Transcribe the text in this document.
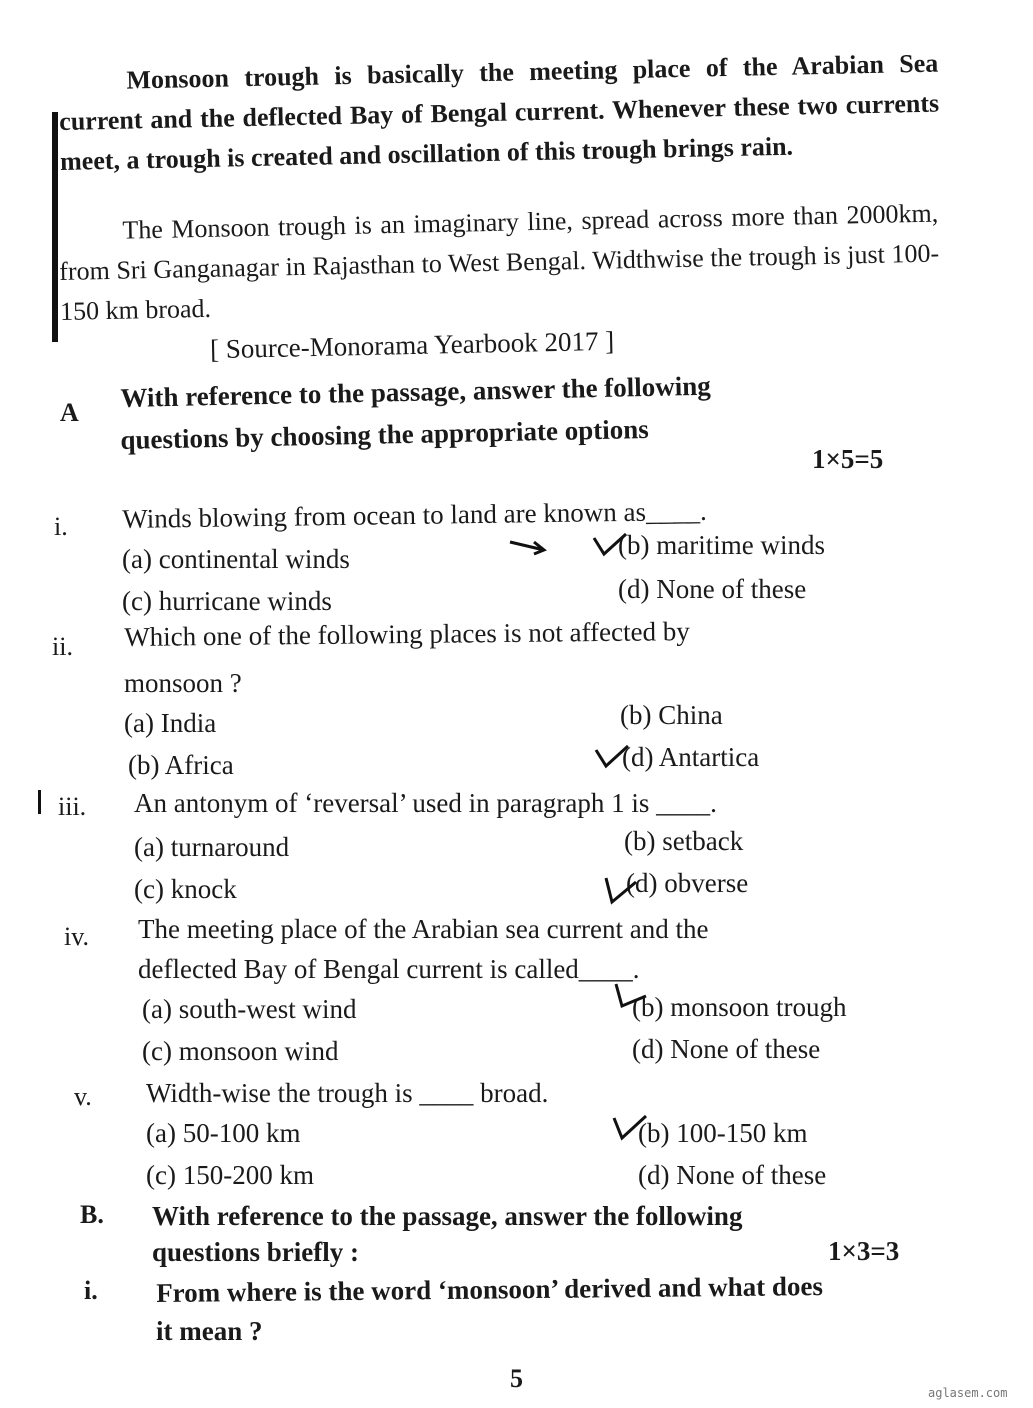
Monsoon trough is basically the meeting place of the Arabian Sea current and the deflected Bay of Bengal current. Whenever these two currents meet, a trough is created and oscillation of this trough brings rain.
The Monsoon trough is an imaginary line, spread across more than 2000km, from Sri Ganganagar in Rajasthan to West Bengal. Widthwise the trough is just 100-150 km broad.
[ Source-Monorama Yearbook 2017 ]
A With reference to the passage, answer the following
questions by choosing the appropriate options
1×5=5
i. Winds blowing from ocean to land are known as____.
(a) continental winds	(b) maritime winds
(c) hurricane winds	(d) None of these
ii. Which one of the following places is not affected by
monsoon ?
(a) India	(b) China
(b) Africa	(d) Antartica
iii. An antonym of ‘reversal’ used in paragraph 1 is ____.
(a) turnaround	(b) setback
(c) knock	(d) obverse
iv. The meeting place of the Arabian sea current and the
deflected Bay of Bengal current is called____.
(a) south-west wind	(b) monsoon trough
(c) monsoon wind	(d) None of these
v. Width-wise the trough is ____ broad.
(a) 50-100 km	(b) 100-150 km
(c) 150-200 km	(d) None of these
B. With reference to the passage, answer the following
questions briefly :	1×3=3
i. From where is the word ‘monsoon’ derived and what does
it mean ?
5	aglasem.com
